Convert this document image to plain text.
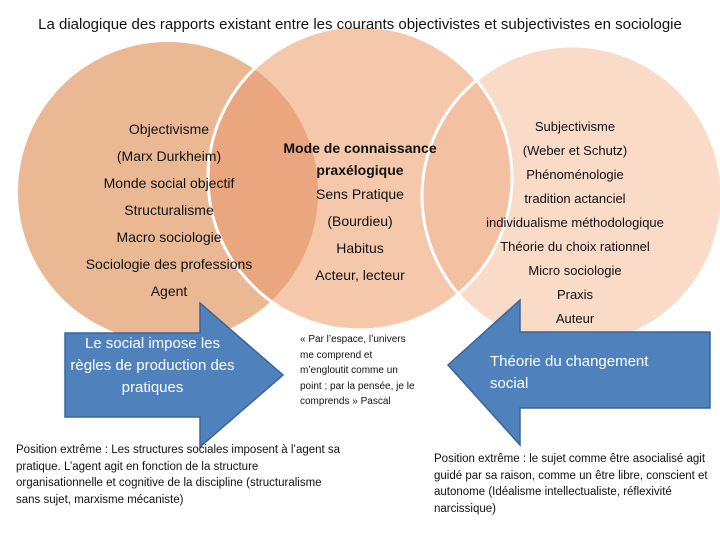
La dialogique des rapports existant entre les courants objectivistes et subjectivistes en sociologie
Objectivisme
(Marx Durkheim)
Monde social objectif
Structuralisme
Macro sociologie
Sociologie des professions
Agent
Mode de connaissance
praxélogique
Sens Pratique
(Bourdieu)
Habitus
Acteur, lecteur
Subjectivisme
(Weber et Schutz)
Phénoménologie
tradition actanciel
individualisme méthodologique
Théorie du choix rationnel
Micro sociologie
Praxis
Auteur
Le social impose les règles de production des pratiques
Théorie du changement social
« Par l’espace, l’univers me comprend et m’engloutit comme un point ; par la pensée, je le comprends » Pascal
Position extrême : Les structures sociales imposent à l’agent sa pratique. L’agent agit en fonction de la structure organisationnelle et cognitive de la discipline (structuralisme sans sujet, marxisme mécaniste)
Position extrême : le sujet comme être asocialisé agit guidé par sa raison, comme un être libre, conscient et autonome (Idéalisme intellectualiste, réflexivité narcissique)
